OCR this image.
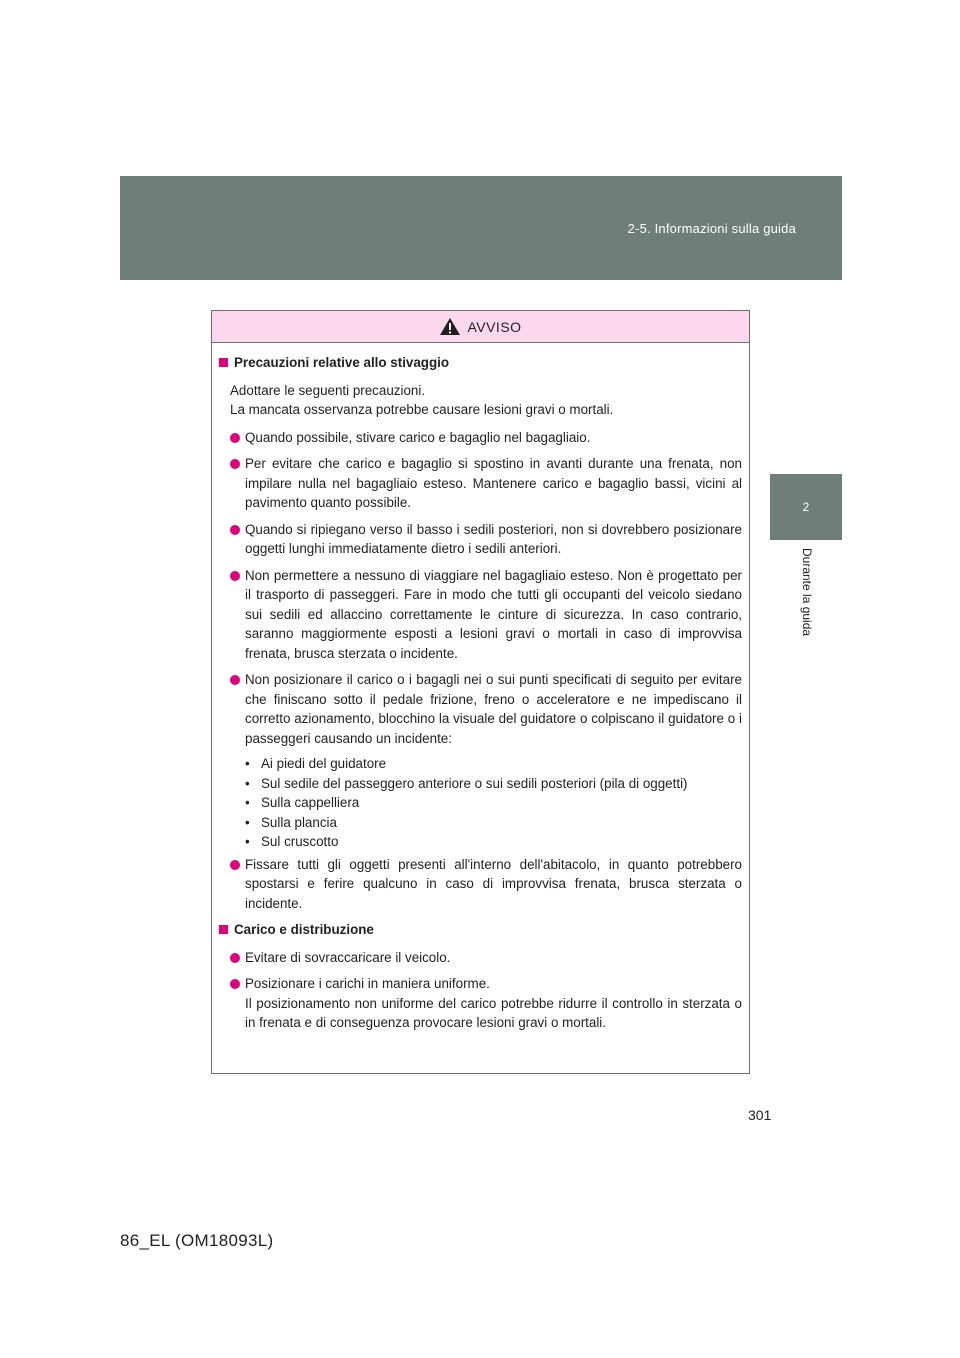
2-5. Informazioni sulla guida
2
Durante la guida
AVVISO
Precauzioni relative allo stivaggio
Adottare le seguenti precauzioni.
La mancata osservanza potrebbe causare lesioni gravi o mortali.
Quando possibile, stivare carico e bagaglio nel bagagliaio.
Per evitare che carico e bagaglio si spostino in avanti durante una frenata, non impilare nulla nel bagagliaio esteso. Mantenere carico e bagaglio bassi, vicini al pavimento quanto possibile.
Quando si ripiegano verso il basso i sedili posteriori, non si dovrebbero posizionare oggetti lunghi immediatamente dietro i sedili anteriori.
Non permettere a nessuno di viaggiare nel bagagliaio esteso. Non è progettato per il trasporto di passeggeri. Fare in modo che tutti gli occupanti del veicolo siedano sui sedili ed allaccino correttamente le cinture di sicurezza. In caso contrario, saranno maggiormente esposti a lesioni gravi o mortali in caso di improvvisa frenata, brusca sterzata o incidente.
Non posizionare il carico o i bagagli nei o sui punti specificati di seguito per evitare che finiscano sotto il pedale frizione, freno o acceleratore e ne impediscano il corretto azionamento, blocchino la visuale del guidatore o colpiscano il guidatore o i passeggeri causando un incidente:
• Ai piedi del guidatore
• Sul sedile del passeggero anteriore o sui sedili posteriori (pila di oggetti)
• Sulla cappelliera
• Sulla plancia
• Sul cruscotto
Fissare tutti gli oggetti presenti all'interno dell'abitacolo, in quanto potrebbero spostarsi e ferire qualcuno in caso di improvvisa frenata, brusca sterzata o incidente.
Carico e distribuzione
Evitare di sovraccaricare il veicolo.
Posizionare i carichi in maniera uniforme.
Il posizionamento non uniforme del carico potrebbe ridurre il controllo in sterzata o in frenata e di conseguenza provocare lesioni gravi o mortali.
301
86_EL (OM18093L)
